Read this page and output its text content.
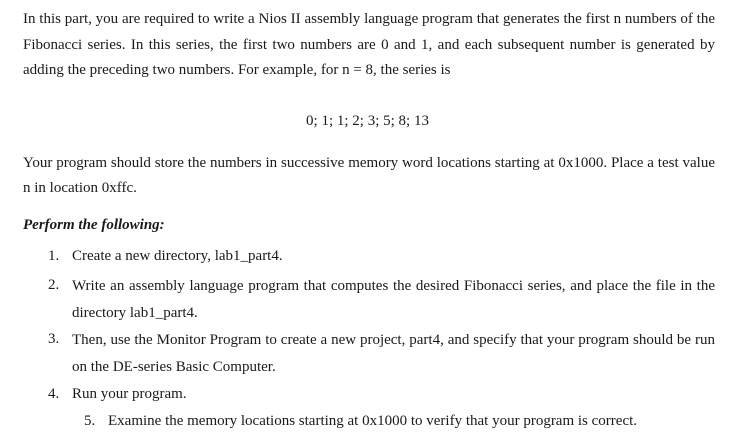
In this part, you are required to write a Nios II assembly language program that generates the first n numbers of the Fibonacci series. In this series, the first two numbers are 0 and 1, and each subsequent number is generated by adding the preceding two numbers. For example, for n = 8, the series is

0; 1; 1; 2; 3; 5; 8; 13

Your program should store the numbers in successive memory word locations starting at 0x1000. Place a test value n in location 0xffc.

Perform the following:
1. Create a new directory, lab1_part4.
2. Write an assembly language program that computes the desired Fibonacci series, and place the file in the directory lab1_part4.
3. Then, use the Monitor Program to create a new project, part4, and specify that your program should be run on the DE-series Basic Computer.
4. Run your program.
5. Examine the memory locations starting at 0x1000 to verify that your program is correct.
